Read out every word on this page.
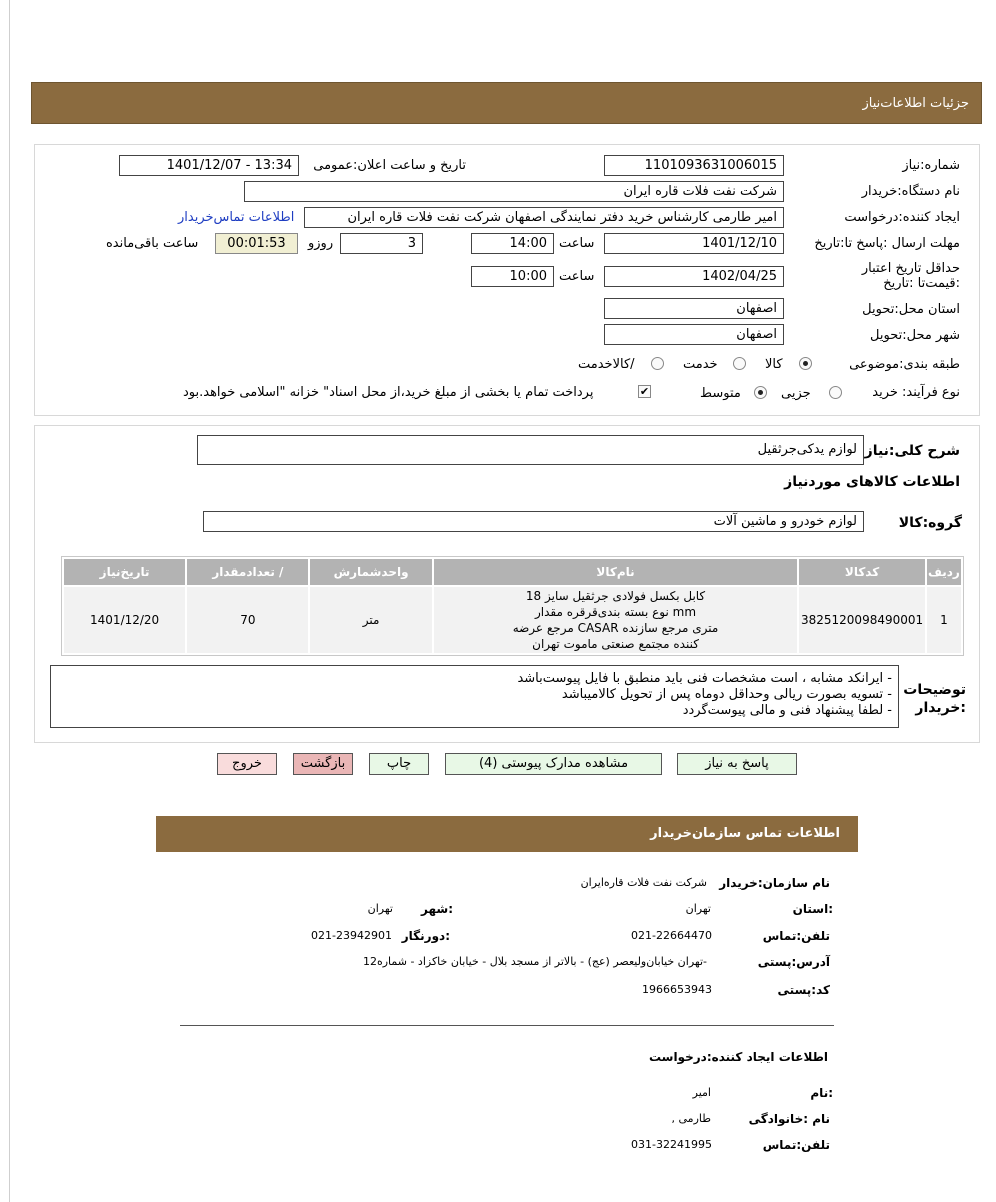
جزئیات اطلاعات‌نیاز
شماره:نیاز
1101093631006015
تاریخ و ساعت اعلان:عمومی
1401/12/07 - 13:34
نام دستگاه:خریدار
شرکت نفت فلات قاره ایران
ایجاد کننده:درخواست
امیر طارمی کارشناس خرید دفتر نمایندگی اصفهان شرکت نفت فلات قاره ایران
اطلاعات تماس‌خریدار
مهلت ارسال :پاسخ تا:تاریخ
1401/12/10
ساعت
14:00
3
روزو
00:01:53
ساعت باقی‌مانده
حداقل تاریخ اعتبار :قیمت‌تا :تاریخ
1402/04/25
ساعت
10:00
استان محل:تحویل
اصفهان
شهر محل:تحویل
اصفهان
طبقه بندی:موضوعی
کالا
خدمت
/کالاخدمت
نوع فرآیند: خرید
جزیی
متوسط
✔
پرداخت تمام یا بخشی از مبلغ خرید،از محل اسناد" خزانه "اسلامی خواهد.بود
شرح کلی:نیاز
لوازم یدکی‌جرثقیل
اطلاعات کالاهای موردنیاز
گروه:کالا
لوازم خودرو و ماشین آلات
ردیف	کدکالا	نام‌کالا	واحدشمارش	/ تعدادمقدار	تاریخ‌نیاز
1	3825120098490001	کابل بکسل فولادی جرثقیل سایز 18
mm نوع بسته بندی‌قرقره مقدار
متری مرجع سازنده CASAR مرجع عرضه
کننده مجتمع صنعتی ماموت تهران	متر	70	1401/12/20
توضیحات :خریدار
- ایرانکد مشابه ، است مشخصات فنی باید منطبق با فایل پیوست‌باشد
- تسویه بصورت ریالی وحداقل دوماه پس از تحویل کالامیباشد
- لطفا پیشنهاد فنی و مالی پیوست‌گردد
پاسخ به نیاز
مشاهده مدارک پیوستی (4)
چاپ
بازگشت
خروج
اطلاعات تماس سازمان‌خریدار
نام سازمان:خریدار
شرکت نفت فلات قاره‌ایران
:استان
تهران
:شهر
تهران
تلفن:تماس
021-22664470
:دورنگار
021-23942901
آدرس:پستی
-تهران خیابان‌ولیعصر (عج) - بالاتر از مسجد بلال - خیابان خاکزاد - شماره12
کد:پستی
1966653943
اطلاعات ایجاد کننده:درخواست
:نام
امیر
نام :خانوادگی
طارمی ,
تلفن:تماس
031-32241995
